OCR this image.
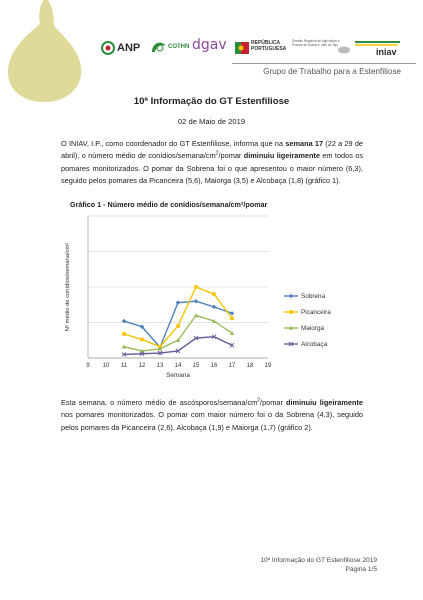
ANP	COTHN dgav	REPÚBLICA PORTUGUESA
Direção Regional de Agricultura e Pescas de Lisboa e Vale do Tejo
iniav
Grupo de Trabalho para a Estenfiliose
10ª Informação do GT Estenfiliose
02 de Maio de 2019

O INIAV, I.P., como coordenador do GT Estenfiliose, informa que na semana 17 (22 a 29 de abril), o número médio de conídios/$semana/cm^2$/pomar diminuiu ligeiramente em todos os pomares monitorizados. O pomar da Sobrena foi o que apresentou o maior número (6,3), seguido pelos pomares da Picanceira (5,6), Maiorga (3,5) e Alcobaça (1,8) (gráfico 1).

Gráfico 1 - Número médio de conídios/semana/cm²/pomar
9 10 11 12 13 14 15 16 17 18 19
Semana
Nº médio de conídios/semana/cm²	Sobrena
Picanceira
Maiorga
Alcobaça

Esta semana, o número médio de ascósporos/$semana/cm^2$/pomar diminuiu ligeiramente nos pomares monitorizados. O pomar com maior número foi o da Sobrena (4,3), seguido pelos pomares da Picanceira (2,6), Alcobaça (1,9) e Maiorga (1,7) (gráfico 2).

10ª Informação do GT Estenfiliose 2019
Página 1/5
